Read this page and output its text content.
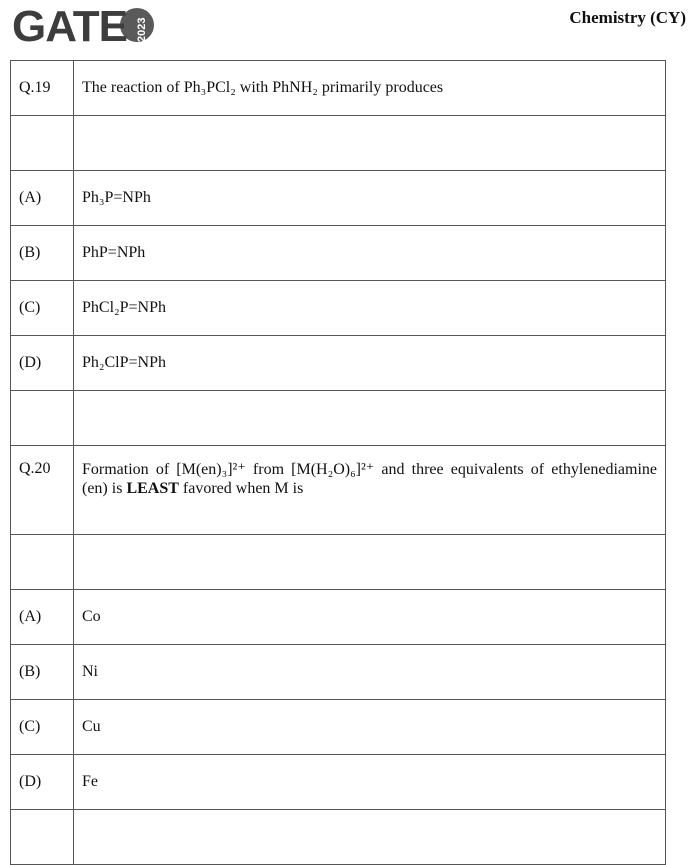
GATE 2023
Chemistry (CY)
Q.19	The reaction of Ph₃PCl₂ with PhNH₂ primarily produces

(A)	Ph₃P=NPh
(B)	PhP=NPh
(C)	PhCl₂P=NPh
(D)	Ph₂ClP=NPh

Q.20	Formation of [M(en)₃]²⁺ from [M(H₂O)₆]²⁺ and three equivalents of ethylenediamine (en) is LEAST favored when M is

(A)	Co
(B)	Ni
(C)	Cu
(D)	Fe
